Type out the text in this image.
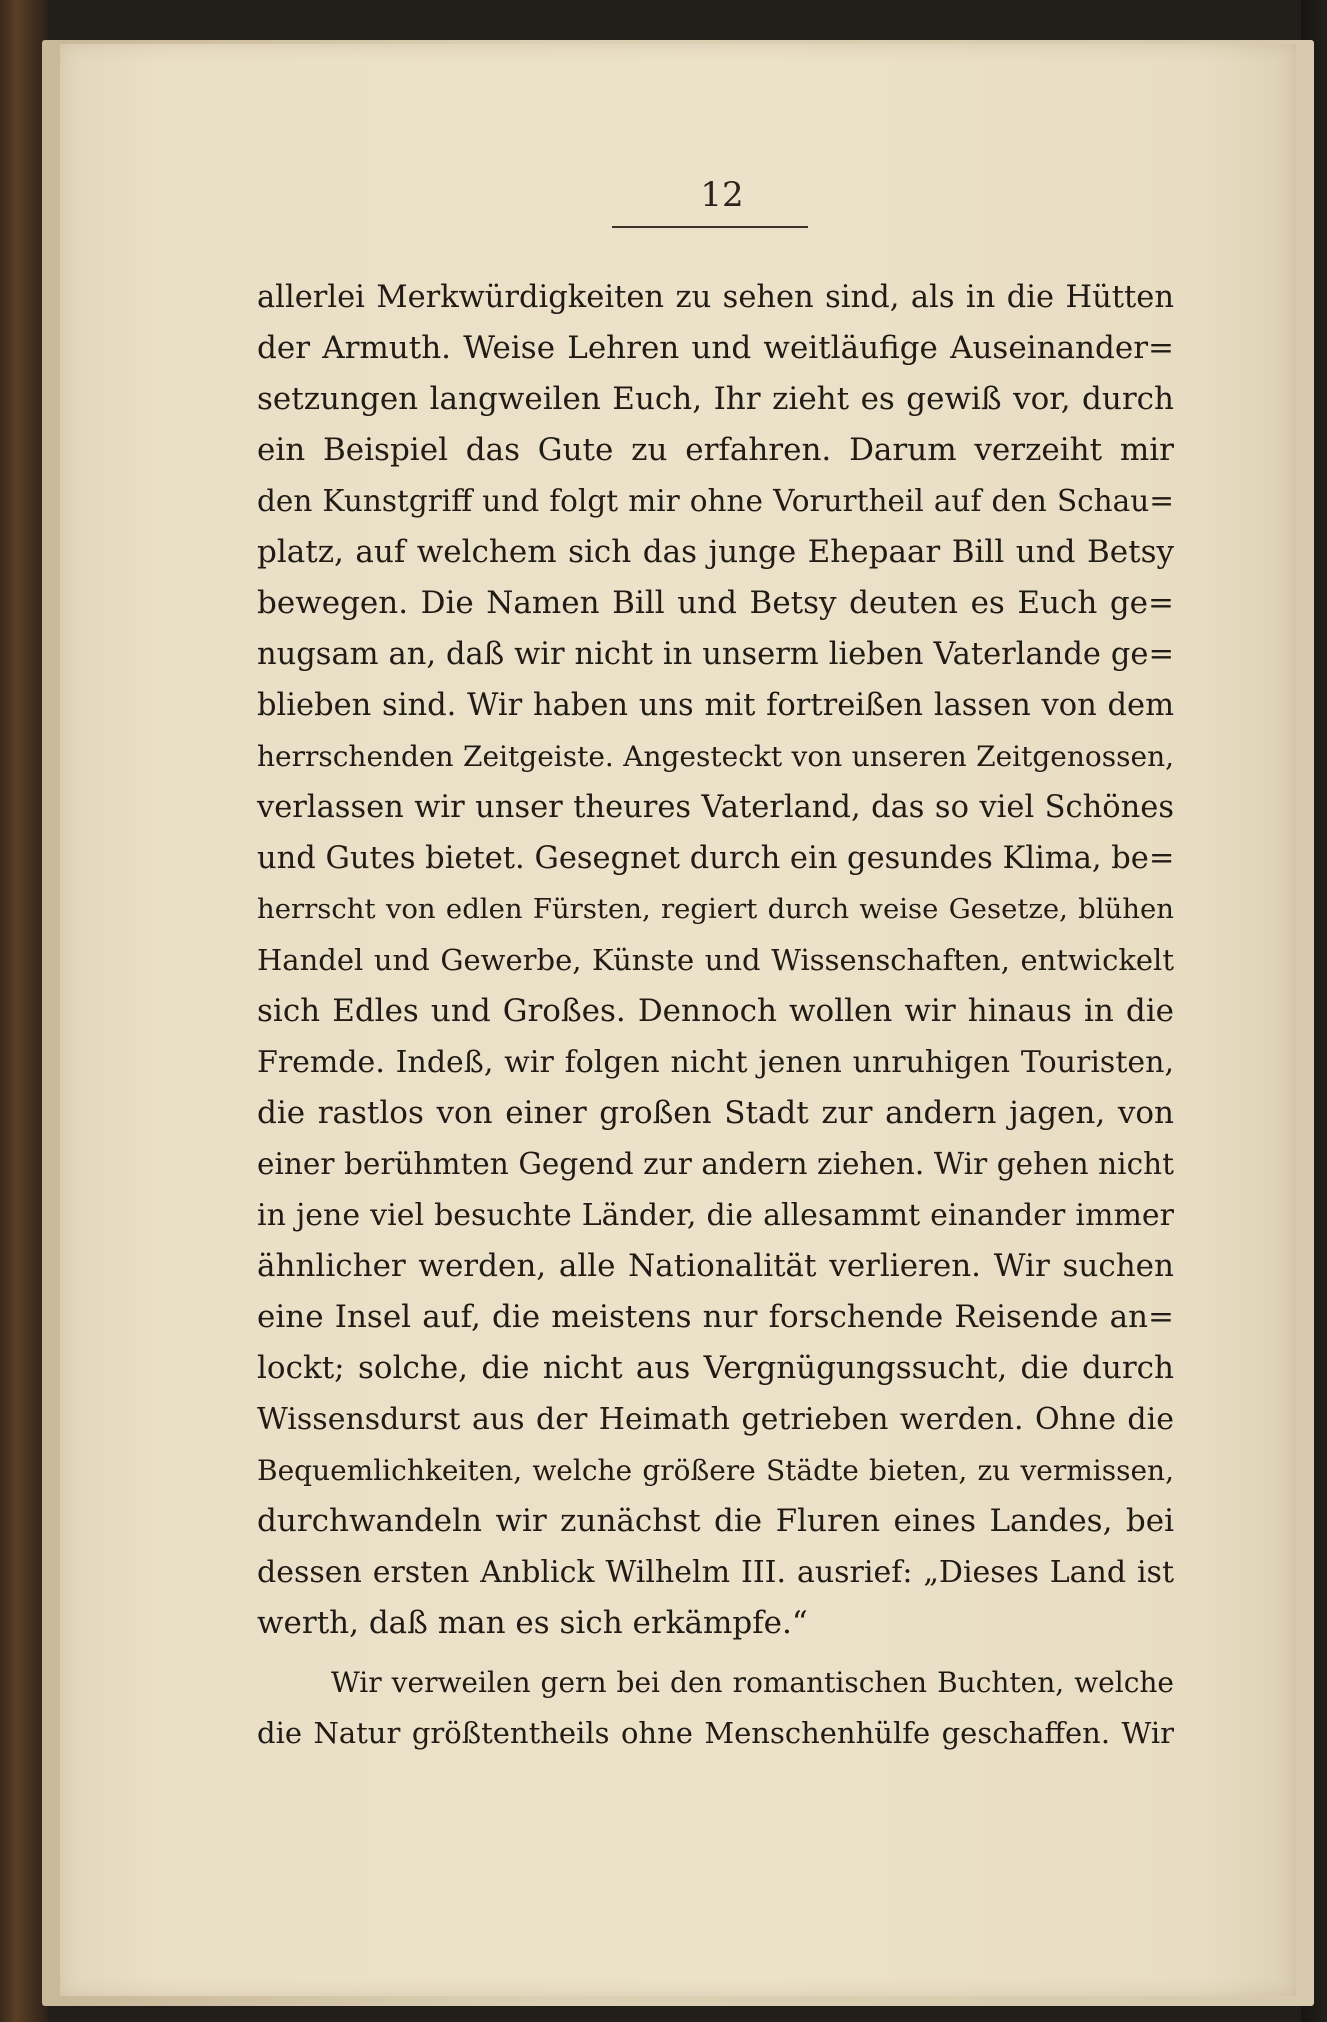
12
allerlei Merkwürdigkeiten zu sehen sind, als in die Hütten
der Armuth. Weise Lehren und weitläufige Auseinander=
setzungen langweilen Euch, Ihr zieht es gewiß vor, durch
ein Beispiel das Gute zu erfahren. Darum verzeiht mir
den Kunstgriff und folgt mir ohne Vorurtheil auf den Schau=
platz, auf welchem sich das junge Ehepaar Bill und Betsy
bewegen. Die Namen Bill und Betsy deuten es Euch ge=
nugsam an, daß wir nicht in unserm lieben Vaterlande ge=
blieben sind. Wir haben uns mit fortreißen lassen von dem
herrschenden Zeitgeiste. Angesteckt von unseren Zeitgenossen,
verlassen wir unser theures Vaterland, das so viel Schönes
und Gutes bietet. Gesegnet durch ein gesundes Klima, be=
herrscht von edlen Fürsten, regiert durch weise Gesetze, blühen
Handel und Gewerbe, Künste und Wissenschaften, entwickelt
sich Edles und Großes. Dennoch wollen wir hinaus in die
Fremde. Indeß, wir folgen nicht jenen unruhigen Touristen,
die rastlos von einer großen Stadt zur andern jagen, von
einer berühmten Gegend zur andern ziehen. Wir gehen nicht
in jene viel besuchte Länder, die allesammt einander immer
ähnlicher werden, alle Nationalität verlieren. Wir suchen
eine Insel auf, die meistens nur forschende Reisende an=
lockt; solche, die nicht aus Vergnügungssucht, die durch
Wissensdurst aus der Heimath getrieben werden. Ohne die
Bequemlichkeiten, welche größere Städte bieten, zu vermissen,
durchwandeln wir zunächst die Fluren eines Landes, bei
dessen ersten Anblick Wilhelm III. ausrief: „Dieses Land ist
werth, daß man es sich erkämpfe.“
Wir verweilen gern bei den romantischen Buchten, welche
die Natur größtentheils ohne Menschenhülfe geschaffen. Wir
